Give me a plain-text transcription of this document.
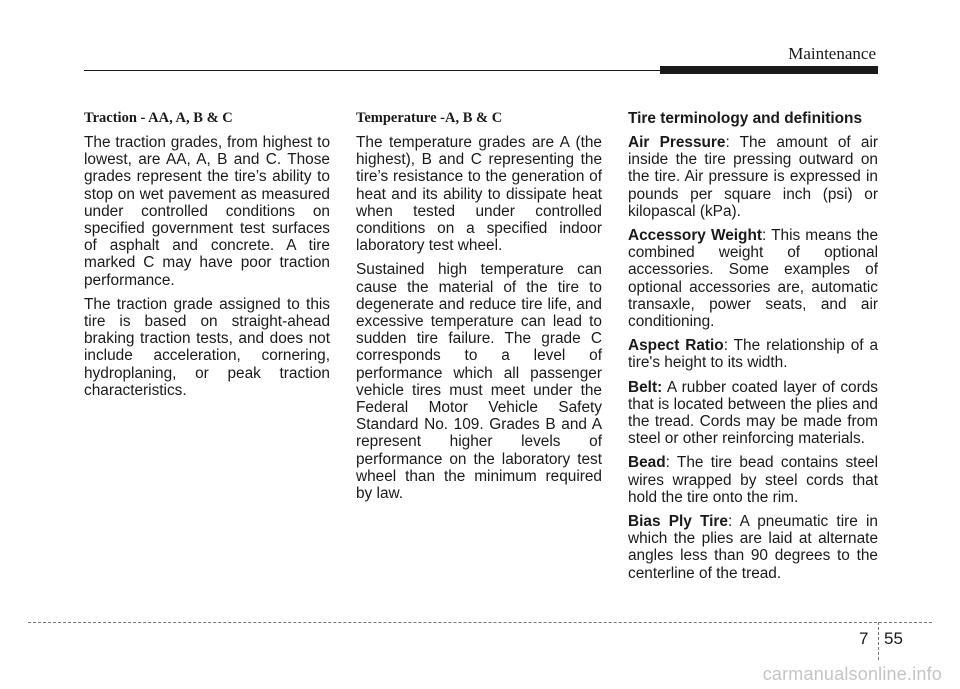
Maintenance
Traction - AA, A, B & C

The traction grades, from highest to lowest, are AA, A, B and C. Those grades represent the tire’s ability to stop on wet pavement as measured under controlled conditions on specified government test surfaces of asphalt and concrete. A tire marked C may have poor traction performance.

The traction grade assigned to this tire is based on straight-ahead braking traction tests, and does not include acceleration, cornering, hydroplaning, or peak traction characteristics.

Temperature -A, B & C

The temperature grades are A (the highest), B and C representing the tire’s resistance to the generation of heat and its ability to dissipate heat when tested under controlled conditions on a specified indoor laboratory test wheel.

Sustained high temperature can cause the material of the tire to degenerate and reduce tire life, and excessive temperature can lead to sudden tire failure. The grade C corresponds to a level of performance which all passenger vehicle tires must meet under the Federal Motor Vehicle Safety Standard No. 109. Grades B and A represent higher levels of performance on the laboratory test wheel than the minimum required by law.

Tire terminology and definitions

Air Pressure: The amount of air inside the tire pressing outward on the tire. Air pressure is expressed in pounds per square inch (psi) or kilopascal (kPa).

Accessory Weight: This means the combined weight of optional accessories. Some examples of optional accessories are, automatic transaxle, power seats, and air conditioning.

Aspect Ratio: The relationship of a tire's height to its width.

Belt: A rubber coated layer of cords that is located between the plies and the tread. Cords may be made from steel or other reinforcing materials.

Bead: The tire bead contains steel wires wrapped by steel cords that hold the tire onto the rim.

Bias Ply Tire: A pneumatic tire in which the plies are laid at alternate angles less than 90 degrees to the centerline of the tread.

7 55
carmanualsonline.info
